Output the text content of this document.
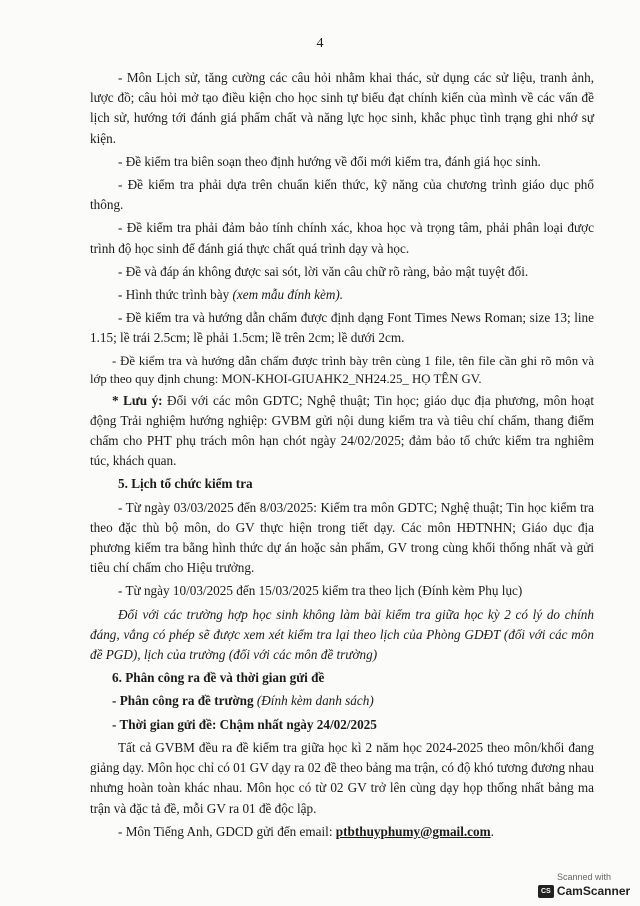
4

- Môn Lịch sử, tăng cường các câu hỏi nhằm khai thác, sử dụng các sử liệu, tranh ảnh, lược đồ; câu hỏi mở tạo điều kiện cho học sinh tự biểu đạt chính kiến của mình về các vấn đề lịch sử, hướng tới đánh giá phẩm chất và năng lực học sinh, khắc phục tình trạng ghi nhớ sự kiện.

- Đề kiểm tra biên soạn theo định hướng về đổi mới kiểm tra, đánh giá học sinh.

- Đề kiểm tra phải dựa trên chuẩn kiến thức, kỹ năng của chương trình giáo dục phổ thông.

- Đề kiểm tra phải đảm bảo tính chính xác, khoa học và trọng tâm, phải phân loại được trình độ học sinh để đánh giá thực chất quá trình dạy và học.

- Đề và đáp án không được sai sót, lời văn câu chữ rõ ràng, bảo mật tuyệt đối.

- Hình thức trình bày (xem mẫu đính kèm).

- Đề kiểm tra và hướng dẫn chấm được định dạng Font Times News Roman; size 13; line 1.15; lề trái 2.5cm; lề phải 1.5cm; lề trên 2cm; lề dưới 2cm.

- Đề kiểm tra và hướng dẫn chấm được trình bày trên cùng 1 file, tên file cần ghi rõ môn và lớp theo quy định chung: MON-KHOI-GIUAHK2_NH24.25_ HỌ TÊN GV.

* Lưu ý: Đối với các môn GDTC; Nghệ thuật; Tin học; giáo dục địa phương, môn hoạt động Trải nghiệm hướng nghiệp: GVBM gửi nội dung kiểm tra và tiêu chí chấm, thang điểm chấm cho PHT phụ trách môn hạn chót ngày 24/02/2025; đảm bảo tổ chức kiểm tra nghiêm túc, khách quan.

5. Lịch tổ chức kiểm tra

- Từ ngày 03/03/2025 đến 8/03/2025: Kiểm tra môn GDTC; Nghệ thuật; Tin học kiểm tra theo đặc thù bộ môn, do GV thực hiện trong tiết dạy. Các môn HĐTNHN; Giáo dục địa phương kiểm tra bằng hình thức dự án hoặc sản phẩm, GV trong cùng khối thống nhất và gửi tiêu chí chấm cho Hiệu trưởng.

- Từ ngày 10/03/2025 đến 15/03/2025 kiểm tra theo lịch (Đính kèm Phụ lục)

Đối với các trường hợp học sinh không làm bài kiểm tra giữa học kỳ 2 có lý do chính đáng, vắng có phép sẽ được xem xét kiểm tra lại theo lịch của Phòng GDĐT (đối với các môn đề PGD), lịch của trường (đối với các môn đề trường)

6. Phân công ra đề và thời gian gửi đề

- Phân công ra đề trường (Đính kèm danh sách)

- Thời gian gửi đề: Chậm nhất ngày 24/02/2025

Tất cả GVBM đều ra đề kiểm tra giữa học kì 2 năm học 2024-2025 theo môn/khối đang giảng dạy. Môn học chỉ có 01 GV dạy ra 02 đề theo bảng ma trận, có độ khó tương đương nhau nhưng hoàn toàn khác nhau. Môn học có từ 02 GV trở lên cùng dạy họp thống nhất bảng ma trận và đặc tả đề, mỗi GV ra 01 đề độc lập.

- Môn Tiếng Anh, GDCD gửi đến email: ptbthuyphumy@gmail.com.

Scanned with
CS CamScanner
